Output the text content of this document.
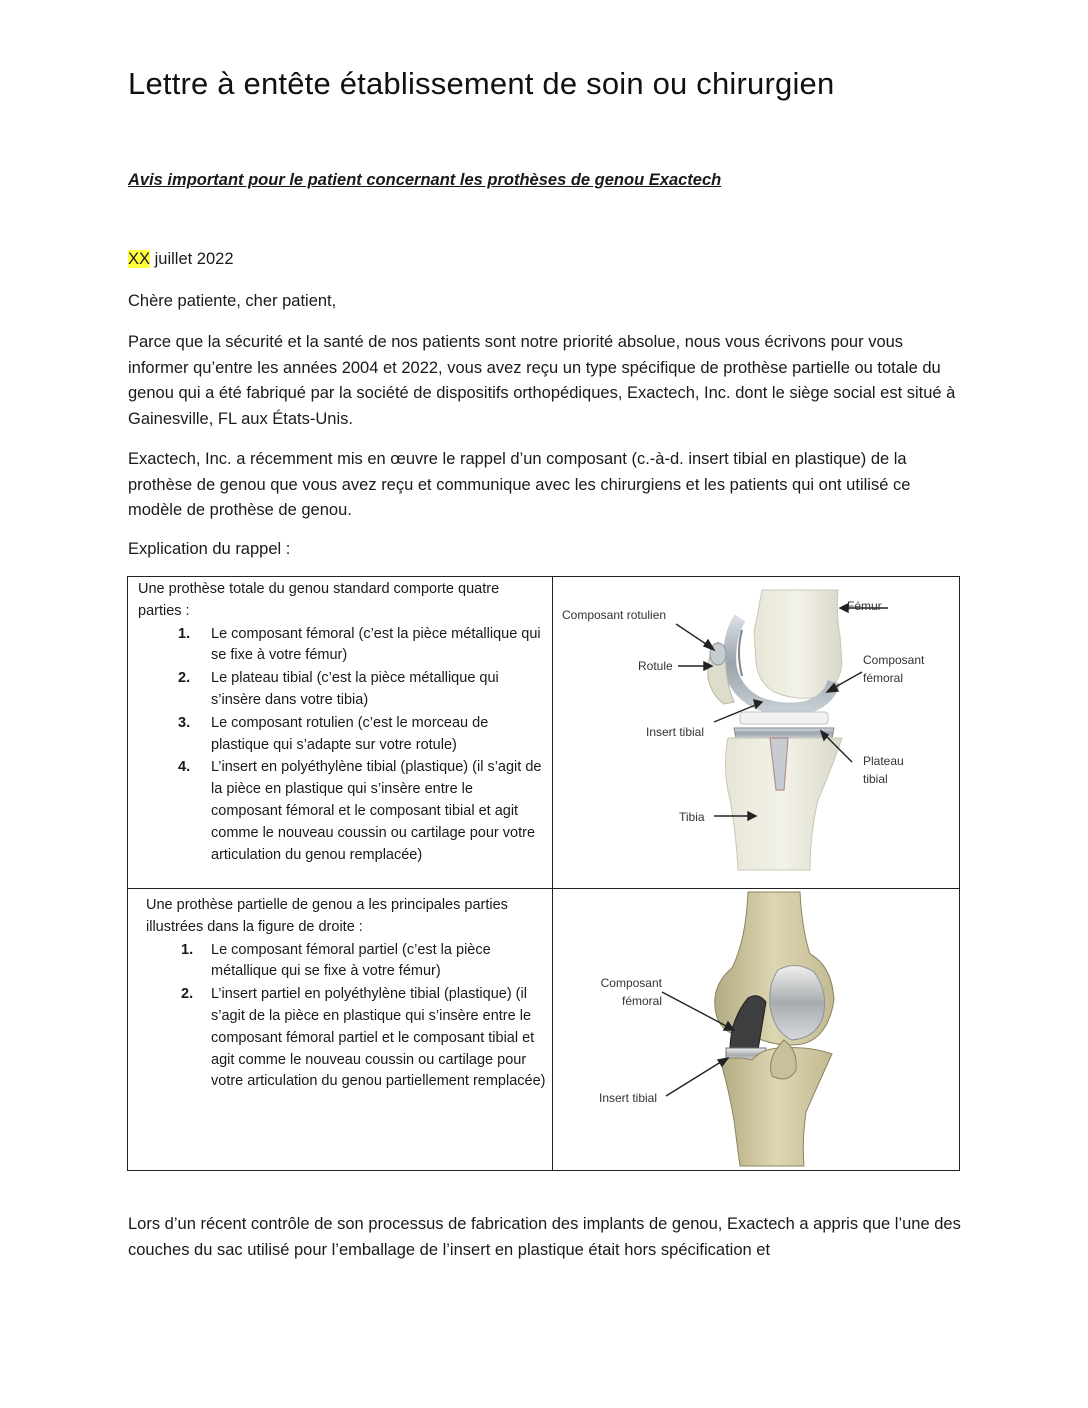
Lettre à entête établissement de soin ou chirurgien
Avis important pour le patient concernant les prothèses de genou Exactech
XX juillet 2022
Chère patiente, cher patient,
Parce que la sécurité et la santé de nos patients sont notre priorité absolue, nous vous écrivons pour vous informer qu’entre les années 2004 et 2022, vous avez reçu un type spécifique de prothèse partielle ou totale du genou qui a été fabriqué par la société de dispositifs orthopédiques, Exactech, Inc. dont le siège social est situé à Gainesville, FL aux États-Unis.
Exactech, Inc. a récemment mis en œuvre le rappel d’un composant (c.-à-d. insert tibial en plastique) de la prothèse de genou que vous avez reçu et communique avec les chirurgiens et les patients qui ont utilisé ce modèle de prothèse de genou.
Explication du rappel :
Une prothèse totale du genou standard comporte quatre parties :
1. Le composant fémoral (c’est la pièce métallique qui se fixe à votre fémur)
2. Le plateau tibial (c’est la pièce métallique qui s’insère dans votre tibia)
3. Le composant rotulien (c’est le morceau de plastique qui s’adapte sur votre rotule)
4. L’insert en polyéthylène tibial (plastique) (il s’agit de la pièce en plastique qui s’insère entre le composant fémoral et le composant tibial et agit comme le nouveau coussin ou cartilage pour votre articulation du genou remplacée)
Une prothèse partielle de genou a les principales parties illustrées dans la figure de droite :
1. Le composant fémoral partiel (c’est la pièce métallique qui se fixe à votre fémur)
2. L’insert partiel en polyéthylène tibial (plastique) (il s’agit de la pièce en plastique qui s’insère entre le composant fémoral partiel et le composant tibial et agit comme le nouveau coussin ou cartilage pour votre articulation du genou partiellement remplacée)
Fémur
Composant rotulien
Rotule	Composant fémoral
Insert tibial
Plateau tibial
Tibia
Composant fémoral
Insert tibial
Lors d’un récent contrôle de son processus de fabrication des implants de genou, Exactech a appris que l’une des couches du sac utilisé pour l’emballage de l’insert en plastique était hors spécification et
